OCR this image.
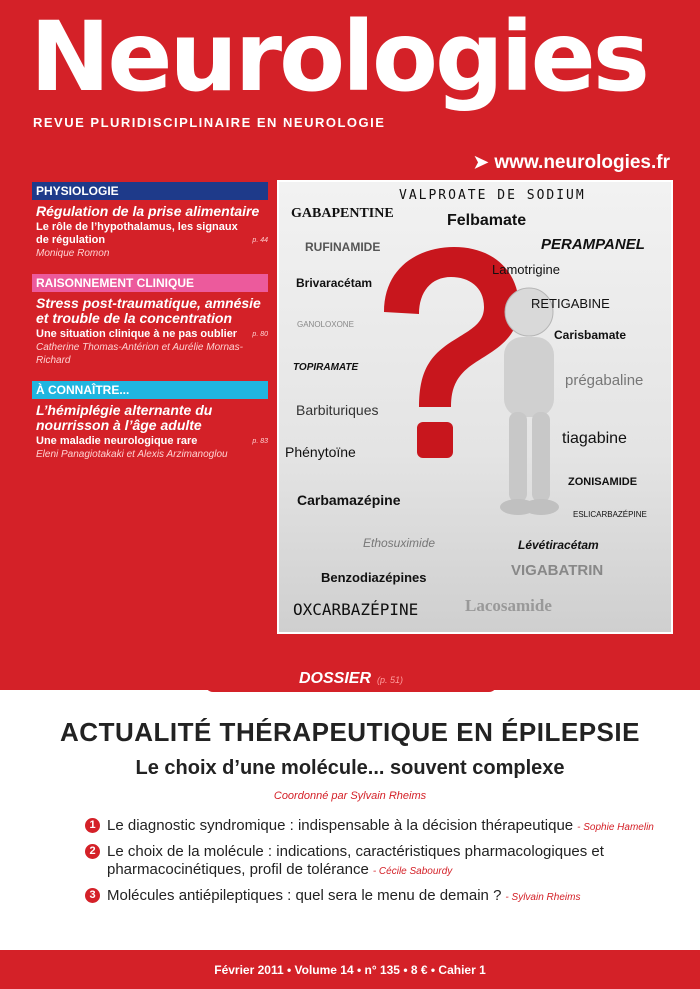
Neurologies
REVUE PLURIDISCIPLINAIRE EN NEUROLOGIE
➤ www.neurologies.fr
PHYSIOLOGIE
Régulation de la prise alimentaire
Le rôle de l’hypothalamus, les signaux de régulation	p. 44
Monique Romon
RAISONNEMENT CLINIQUE
Stress post-traumatique, amnésie et trouble de la concentration
Une situation clinique à ne pas oublier p. 80
Catherine Thomas-Antérion et Aurélie Mornas-Richard
À CONNAÎTRE...
L’hémiplégie alternante du nourrisson à l’âge adulte
Une maladie neurologique rare	p. 83
Eleni Panagiotakaki et Alexis Arzimanoglou
VALPROATE DE SODIUM
GABAPENTINE	Felbamate
PERAMPANEL
RUFINAMIDE
Lamotrigine
Brivaracétam
RETIGABINE
GANOLOXONE
Carisbamate
TOPIRAMATE
prégabaline
Barbituriques
Phénytoïne
tiagabine
ZONISAMIDE
Carbamazépine
ESLICARBAZÉPINE
Ethosuximide	Lévétiracétam
Benzodiazépines	VIGABATRIN
OXCARBAZÉPINE	Lacosamide
DOSSIER (p. 51)
ACTUALITÉ THÉRAPEUTIQUE EN ÉPILEPSIE
Le choix d’une molécule... souvent complexe
Coordonné par Sylvain Rheims
1 Le diagnostic syndromique : indispensable à la décision thérapeutique - Sophie Hamelin
2 Le choix de la molécule : indications, caractéristiques pharmacologiques et pharmacocinétiques, profil de tolérance - Cécile Sabourdy
3 Molécules antiépileptiques : quel sera le menu de demain ? - Sylvain Rheims
Février 2011 • Volume 14 • n° 135 • 8 € • Cahier 1
